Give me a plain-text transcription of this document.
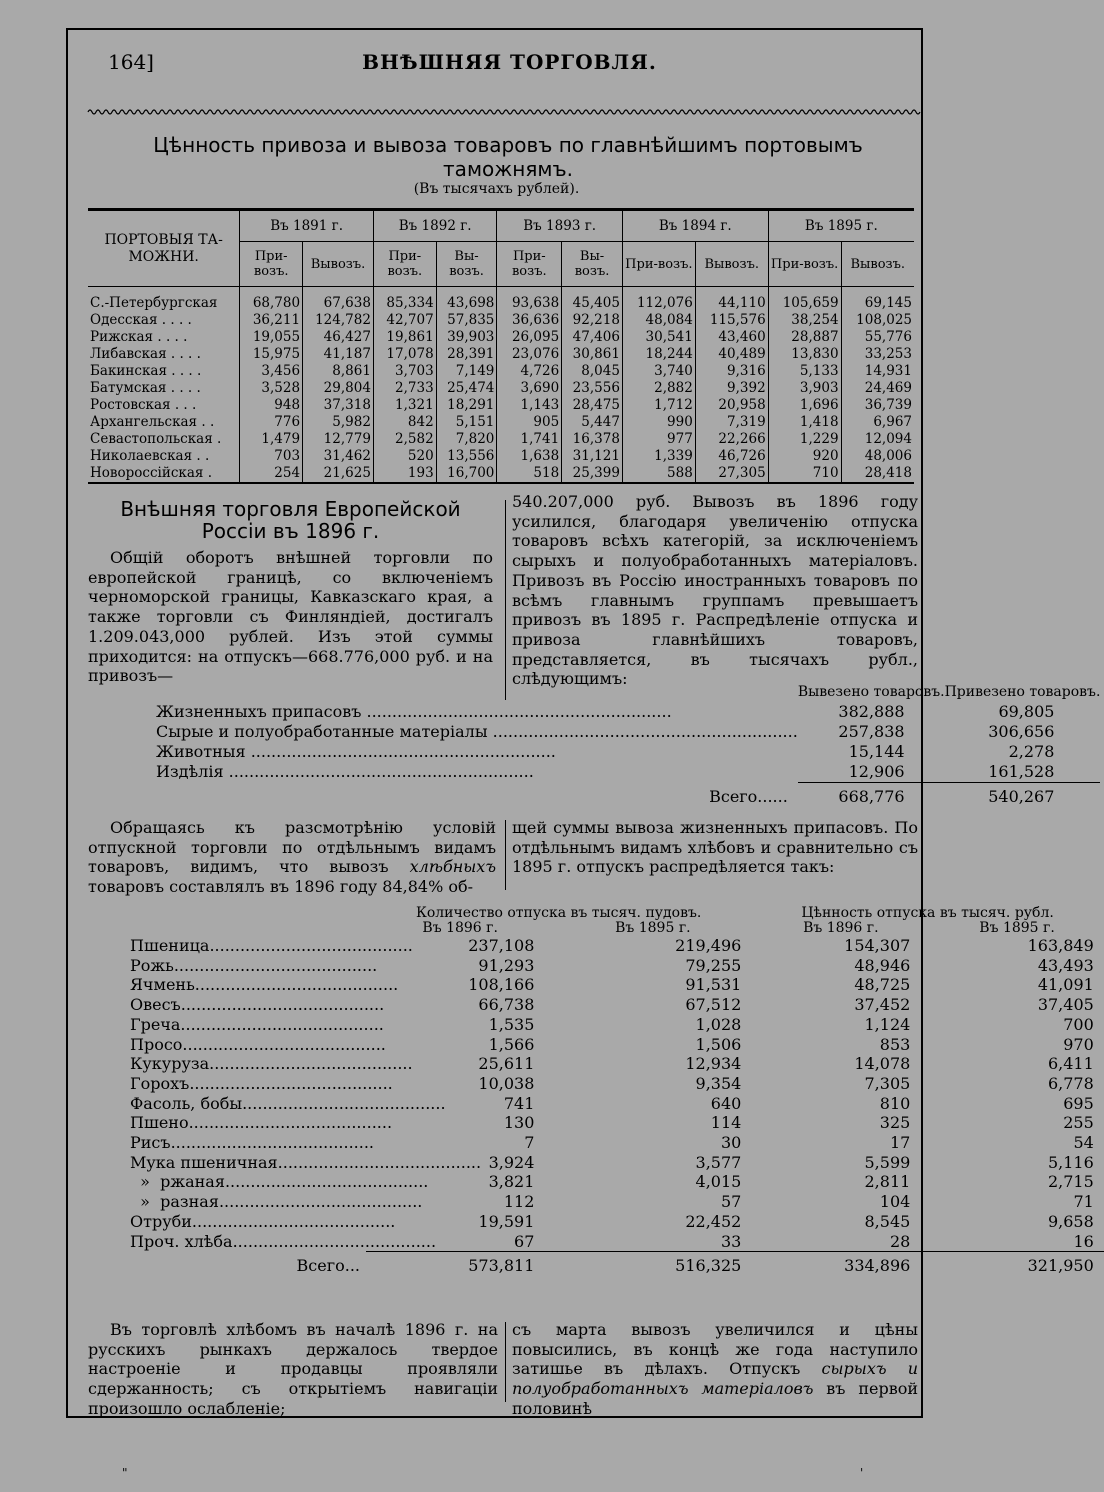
164]	ВНѢШНЯЯ ТОРГОВЛЯ.
Цѣнность привоза и вывоза товаровъ по главнѣйшимъ портовымъ таможнямъ.
(Въ тысячахъ рублей).
ПОРТОВЫЯ ТА-МОЖНИ.	Въ 1891 г.		Въ 1892 г.		Въ 1893 г.		Въ 1894 г.		Въ 1895 г.	
	При-возъ.	Вывозъ.	При-возъ.	Вы-возъ.	При-возъ.	Вы-возъ.	При-возъ.	Вывозъ.	При-возъ.	Вывозъ.

С.-Петербургская	68,780	67,638	85,334	43,698	93,638	45,405	112,076	44,110	105,659	69,145
Одесская . . . .	36,211	124,782	42,707	57,835	36,636	92,218	48,084	115,576	38,254	108,025
Рижская . . . .	19,055	46,427	19,861	39,903	26,095	47,406	30,541	43,460	28,887	55,776
Либавская . . . .	15,975	41,187	17,078	28,391	23,076	30,861	18,244	40,489	13,830	33,253
Бакинская . . . .	3,456	8,861	3,703	7,149	4,726	8,045	3,740	9,316	5,133	14,931
Батумская . . . .	3,528	29,804	2,733	25,474	3,690	23,556	2,882	9,392	3,903	24,469
Ростовская . . .	948	37,318	1,321	18,291	1,143	28,475	1,712	20,958	1,696	36,739
Архангельская . .	776	5,982	842	5,151	905	5,447	990	7,319	1,418	6,967
Севастопольская .	1,479	12,779	2,582	7,820	1,741	16,378	977	22,266	1,229	12,094
Николаевская . .	703	31,462	520	13,556	1,638	31,121	1,339	46,726	920	48,006
Новороссійская .	254	21,625	193	16,700	518	25,399	588	27,305	710	28,418
Внѣшняя торговля Европейской Россіи въ 1896 г.

Общій оборотъ внѣшней торговли по европейской границѣ, со включеніемъ черноморской границы, Кавказскаго края, а также торговли съ Финляндіей, достигалъ 1.209.043,000 рублей. Изъ этой суммы приходится: на отпускъ—668.776,000 руб. и на привозъ—

540.207,000 руб. Вывозъ въ 1896 году усилился, благодаря увеличенію отпуска товаровъ всѣхъ категорій, за исключеніемъ сырыхъ и полуобработанныхъ матеріаловъ. Привозъ въ Россію иностранныхъ товаровъ по всѣмъ главнымъ группамъ превышаетъ привозъ въ 1895 г. Распредѣленіе отпуска и привоза главнѣйшихъ товаровъ, представляется, въ тысячахъ рубл., слѣдующимъ:

	Вывезено товаровъ.	Привезено товаровъ.
Жизненныхъ припасовъ ............................................................	382,888	69,805
Сырые и полуобработанные матеріалы ............................................................	257,838	306,656
Животныя ............................................................	15,144	2,278
Издѣлія ............................................................	12,906	161,528
Всего......	668,776	540,267

Обращаясь къ разсмотрѣнію условій отпускной торговли по отдѣльнымъ видамъ товаровъ, видимъ, что вывозъ хлѣбныхъ товаровъ составлялъ въ 1896 году 84,84% об-

щей суммы вывоза жизненныхъ припасовъ. По отдѣльнымъ видамъ хлѣбовъ и сравнительно съ 1895 г. отпускъ распредѣляется такъ:

	Количество отпуска въ тысяч. пудовъ.		Цѣнность отпуска въ тысяч. рубл.	
	Въ 1896 г.	Въ 1895 г.	Въ 1896 г.	Въ 1895 г.
Пшеница........................................	237,108	219,496	154,307	163,849
Рожь........................................	91,293	79,255	48,946	43,493
Ячмень........................................	108,166	91,531	48,725	41,091
Овесъ........................................	66,738	67,512	37,452	37,405
Греча........................................	1,535	1,028	1,124	700
Просо........................................	1,566	1,506	853	970
Кукуруза........................................	25,611	12,934	14,078	6,411
Горохъ........................................	10,038	9,354	7,305	6,778
Фасоль, бобы........................................	741	640	810	695
Пшено........................................	130	114	325	255
Рисъ........................................	7	30	17	54
Мука пшеничная........................................	3,924	3,577	5,599	5,116
»  ржаная........................................	3,821	4,015	2,811	2,715
»  разная........................................	112	57	104	71
Отруби........................................	19,591	22,452	8,545	9,658
Проч. хлѣба........................................	67	33	28	16
Всего...	573,811	516,325	334,896	321,950

Въ торговлѣ хлѣбомъ въ началѣ 1896 г. на русскихъ рынкахъ держалось твердое настроеніе и продавцы проявляли сдержанность; съ открытіемъ навигаціи произошло ослабленіе;

съ марта вывозъ увеличился и цѣны повысились, въ концѣ же года наступило затишье въ дѣлахъ. Отпускъ сырыхъ и полуобработанныхъ матеріаловъ въ первой половинѣ

"	'
